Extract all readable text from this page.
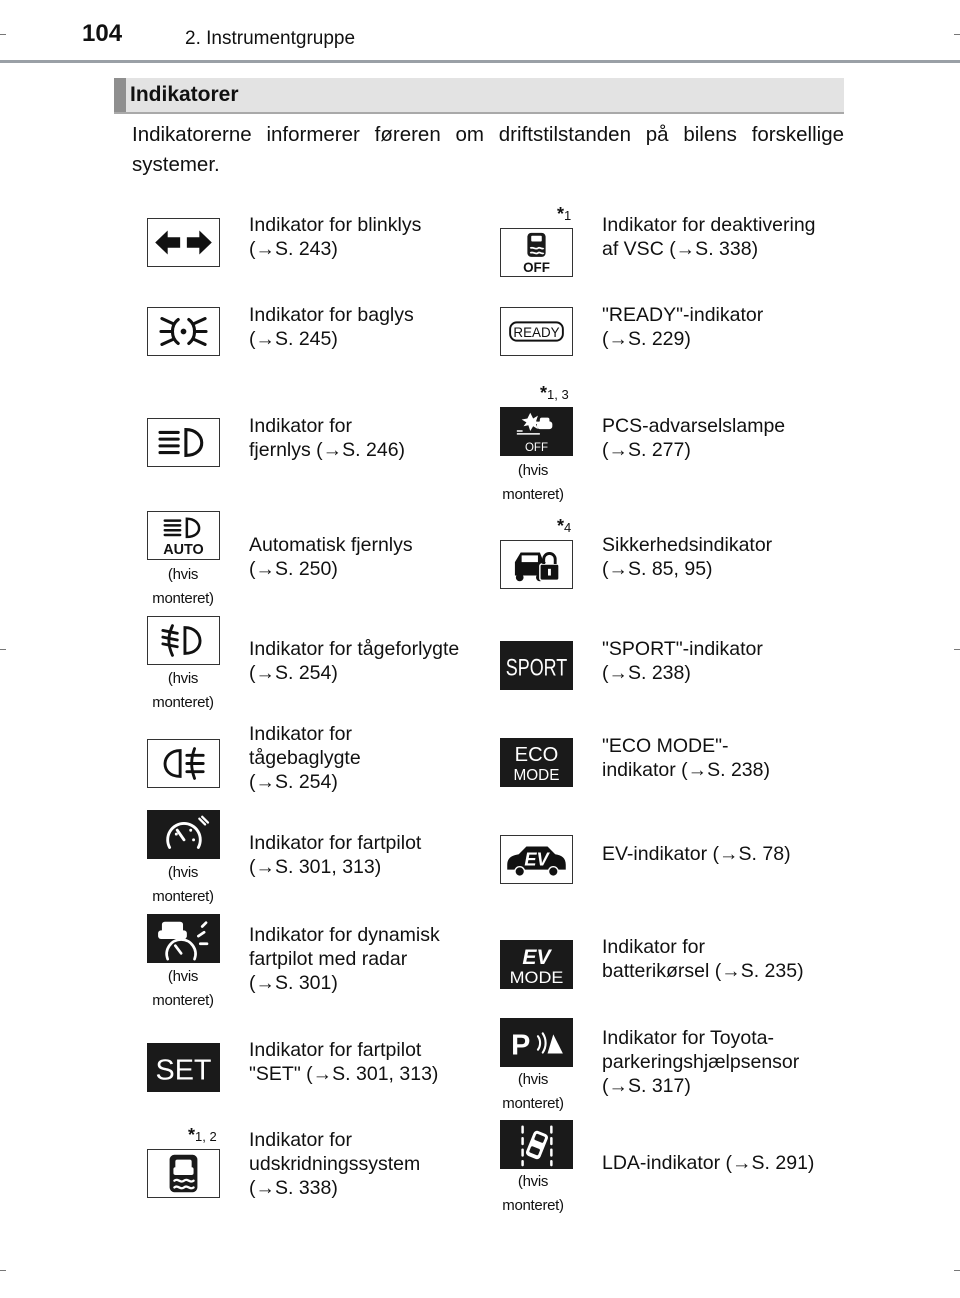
104	2. Instrumentgruppe
Indikatorer
Indikatorerne informerer føreren om driftstilstanden på bilens forskellige systemer.
Indikator for blinklys
(→S. 243)
Indikator for baglys
(→S. 245)
Indikator for
fjernlys (→S. 246)
AUTO
(hvis
monteret)
Automatisk fjernlys
(→S. 250)
(hvis
monteret)
Indikator for tågeforlygte
(→S. 254)
Indikator for
tågebaglygte
(→S. 254)
(hvis
monteret)
Indikator for fartpilot
(→S. 301, 313)
(hvis
monteret)
Indikator for dynamisk
fartpilot med radar
(→S. 301)
SET
Indikator for fartpilot
"SET" (→S. 301, 313)
*1, 2 Indikator for
udskridningssystem
(→S. 338)
*1
OFF
Indikator for deaktivering
af VSC (→S. 338)
READY
"READY"-indikator
(→S. 229)
*1, 3
OFF
(hvis
monteret)
PCS-advarselslampe
(→S. 277)
*4
Sikkerhedsindikator
(→S. 85, 95)
SPORT
"SPORT"-indikator
(→S. 238)
ECO
MODE
"ECO MODE"-
indikator (→S. 238)
EV	EV-indikator (→S. 78)
EV
MODE
Indikator for
batterikørsel (→S. 235)
P
(hvis
monteret)
Indikator for Toyota-
parkeringshjælpsensor
(→S. 317)
(hvis
monteret)
LDA-indikator (→S. 291)
